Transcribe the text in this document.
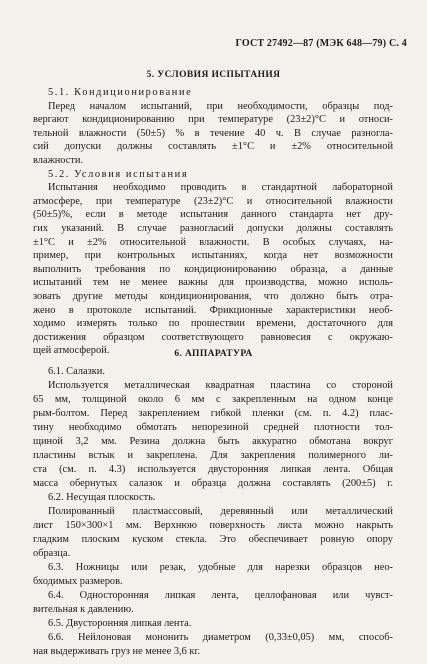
ГОСТ 27492—87 (МЭК 648—79) С. 4
5. УСЛОВИЯ ИСПЫТАНИЯ
5.1. Кондиционирование
Перед началом испытаний, при необходимости, образцы под-
вергают кондиционированию при температуре (23±2)°С и относи-
тельной влажности (50±5) % в течение 40 ч. В случае разногла-
сий допуски должны составлять ±1°С и ±2% относительной
влажности.
5.2. Условия испытания
Испытания необходимо проводить в стандартной лабораторной
атмосфере, при температуре (23±2)°С и относительной влажности
(50±5)%, если в методе испытания данного стандарта нет дру-
гих указаний. В случае разногласий допуски должны составлять
±1°С и ±2% относительной влажности. В особых случаях, на-
пример, при контрольных испытаниях, когда нет возможности
выполнить требования по кондиционированию образца, а данные
испытаний тем не менее важны для производства, можно исполь-
зовать другие методы кондиционирования, что должно быть отра-
жено в протоколе испытаний. Фрикционные характеристики необ-
ходимо измерять только по прошествии времени, достаточного для
достижения образцом соответствующего равновесия с окружаю-
щей атмосферой.	6. АППАРАТУРА
6.1. Салазки.
Используется металлическая квадратная пластина со стороной
65 мм, толщиной около 6 мм с закрепленным на одном конце
рым-болтом. Перед закреплением гибкой пленки (см. п. 4.2) плас-
тину необходимо обмотать непорезиной средней плотности тол-
щиной 3,2 мм. Резина должна быть аккуратно обмотана вокруг
пластины встык и закреплена. Для закрепления полимерного ли-
ста (см. п. 4.3) используется двусторонняя липкая лента. Общая
масса обернутых салазок и образца должна составлять (200±5) г.
6.2. Несущая плоскость.
Полированный пластмассовый, деревянный или металлический
лист 150×300×1 мм. Верхнюю поверхность листа можно накрыть
гладким плоским куском стекла. Это обеспечивает ровную опору
образца.
6.3. Ножницы или резак, удобные для нарезки образцов нео-
бходимых размеров.
6.4. Односторонняя липкая лента, целлофановая или чувст-
вительная к давлению.
6.5. Двусторонняя липкая лента.
6.6. Нейлоновая мононить диаметром (0,33±0,05) мм, способ-
ная выдерживать груз не менее 3,6 кг.
